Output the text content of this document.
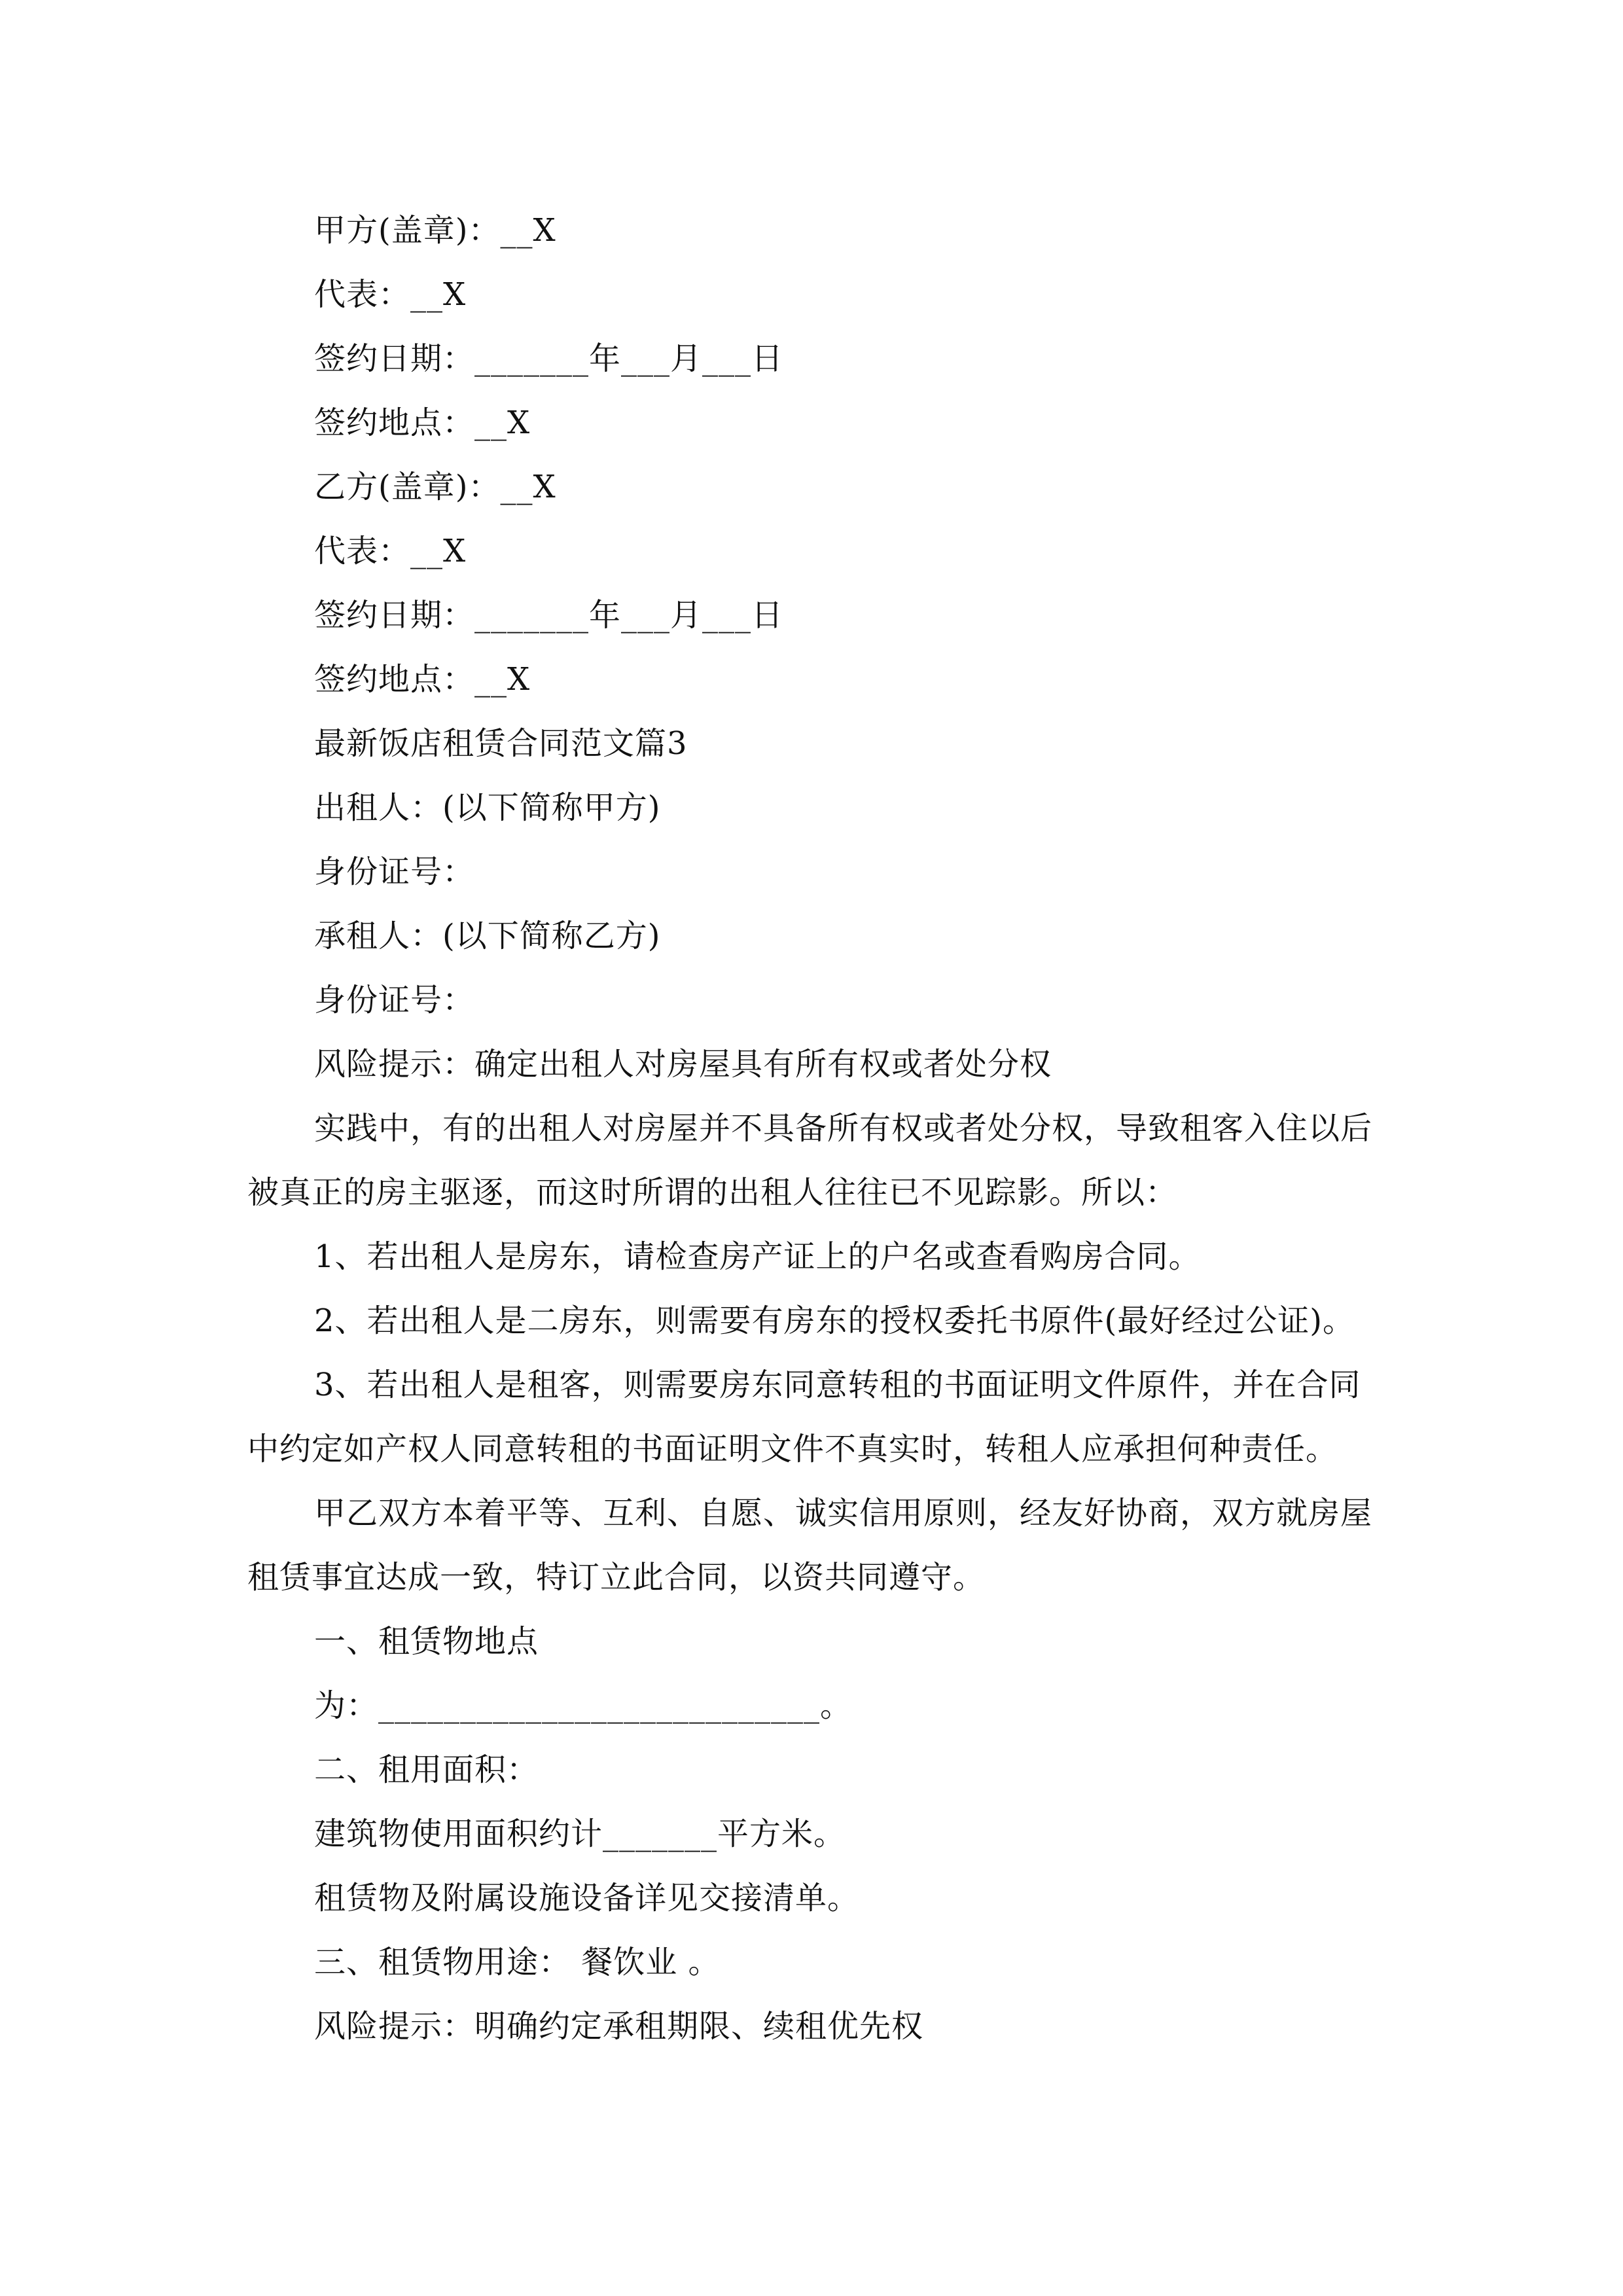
甲方(盖章)：__X
代表：__X
签约日期：_______年___月___日
签约地点：__X
乙方(盖章)：__X
代表：__X
签约日期：_______年___月___日
签约地点：__X
最新饭店租赁合同范文篇3
出租人：(以下简称甲方)
身份证号：
承租人：(以下简称乙方)
身份证号：
风险提示：确定出租人对房屋具有所有权或者处分权
实践中，有的出租人对房屋并不具备所有权或者处分权，导致租客入住以后
被真正的房主驱逐，而这时所谓的出租人往往已不见踪影。所以：
1、若出租人是房东，请检查房产证上的户名或查看购房合同。
2、若出租人是二房东，则需要有房东的授权委托书原件(最好经过公证)。
3、若出租人是租客，则需要房东同意转租的书面证明文件原件，并在合同
中约定如产权人同意转租的书面证明文件不真实时，转租人应承担何种责任。
甲乙双方本着平等、互利、自愿、诚实信用原则，经友好协商，双方就房屋
租赁事宜达成一致，特订立此合同，以资共同遵守。
一、租赁物地点
为：___________________________。
二、租用面积：
建筑物使用面积约计_______平方米。
租赁物及附属设施设备详见交接清单。
三、租赁物用途： 餐饮业 。
风险提示：明确约定承租期限、续租优先权
